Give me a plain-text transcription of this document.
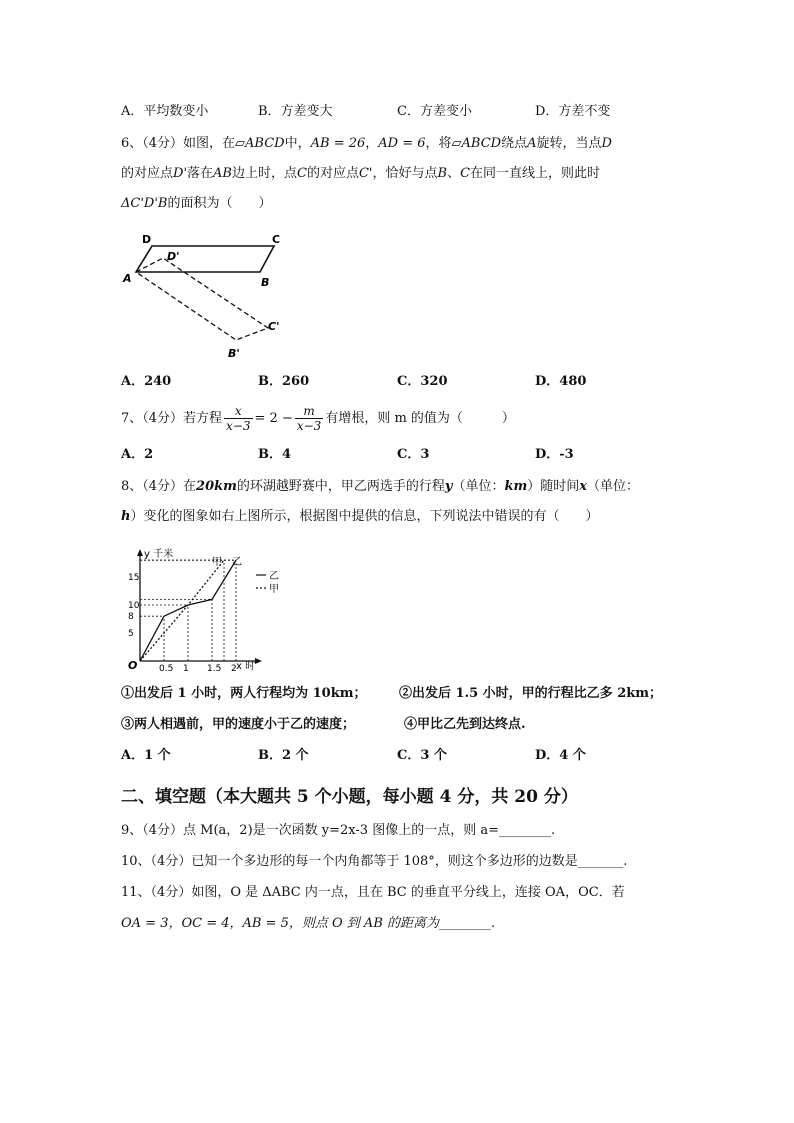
A．平均数变小	B．方差变大	C．方差变小	D．方差不变
6、（4分）如图，在▱ABCD中，AB = 26，AD = 6，将▱ABCD绕点A旋转，当点D
的对应点D'落在AB边上时，点C的对应点C'，恰好与点B、C在同一直线上，则此时
ΔC'D'B的面积为（　　）
D
D'
C
A	B
C'
B'
A．240	B．260	C．320	D．480
7、（4分）若方程 $\frac{x}{x-3} = 2 - \frac{m}{x-3}$ 有增根，则 m 的值为（　　　）
A．2	B．4	C．3	D．-3
8、（4分）在20km的环湖越野赛中，甲乙两选手的行程y（单位：km）随时间x（单位：
h）变化的图象如右上图所示，根据图中提供的信息，下列说法中错误的有（　　）
y 千米
x 时
O
甲 乙
乙
甲
0.5 1 1.5 2
5
8
10
15
①出发后 1 小时，两人行程均为 10km；	②出发后 1.5 小时，甲的行程比乙多 2km；
③两人相遇前，甲的速度小于乙的速度；	④甲比乙先到达终点.
A．1 个	B．2 个	C．3 个	D．4 个
二、填空题（本大题共 5 个小题，每小题 4 分，共 20 分）
9、（4分）点 M(a，2)是一次函数 y=2x-3 图像上的一点，则 a=________.
10、（4分）已知一个多边形的每一个内角都等于 108°，则这个多边形的边数是_______.
11、（4分）如图，O 是 ΔABC 内一点，且在 BC 的垂直平分线上，连接 OA，OC．若
OA = 3，OC = 4，AB = 5，则点 O 到 AB 的距离为________.
